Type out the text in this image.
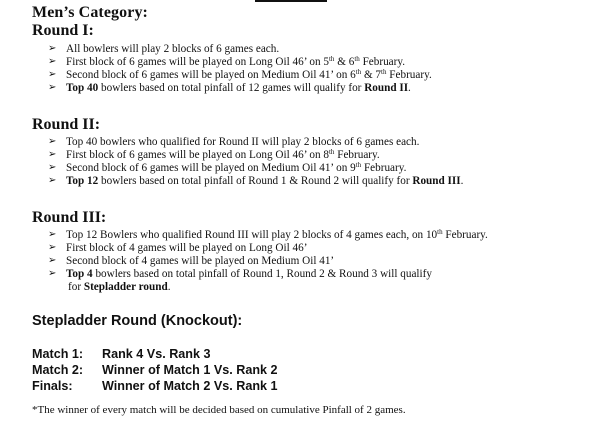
Men’s Category:
Round I:
➢ All bowlers will play 2 blocks of 6 games each.
➢ First block of 6 games will be played on Long Oil 46’ on 5th & 6th February.
➢ Second block of 6 games will be played on Medium Oil 41’ on 6th & 7th February.
➢ Top 40 bowlers based on total pinfall of 12 games will qualify for Round II.
Round II:
➢ Top 40 bowlers who qualified for Round II will play 2 blocks of 6 games each.
➢ First block of 6 games will be played on Long Oil 46’ on 8th February.
➢ Second block of 6 games will be played on Medium Oil 41’ on 9th February.
➢ Top 12 bowlers based on total pinfall of Round 1 & Round 2 will qualify for Round III.
Round III:
➢ Top 12 Bowlers who qualified Round III will play 2 blocks of 4 games each, on 10th February.
➢ First block of 4 games will be played on Long Oil 46’
➢ Second block of 4 games will be played on Medium Oil 41’
➢ Top 4 bowlers based on total pinfall of Round 1, Round 2 & Round 3 will qualify
for Stepladder round.
Stepladder Round (Knockout):
Match 1: Rank 4 Vs. Rank 3
Match 2: Winner of Match 1 Vs. Rank 2
Finals: Winner of Match 2 Vs. Rank 1
*The winner of every match will be decided based on cumulative Pinfall of 2 games.
